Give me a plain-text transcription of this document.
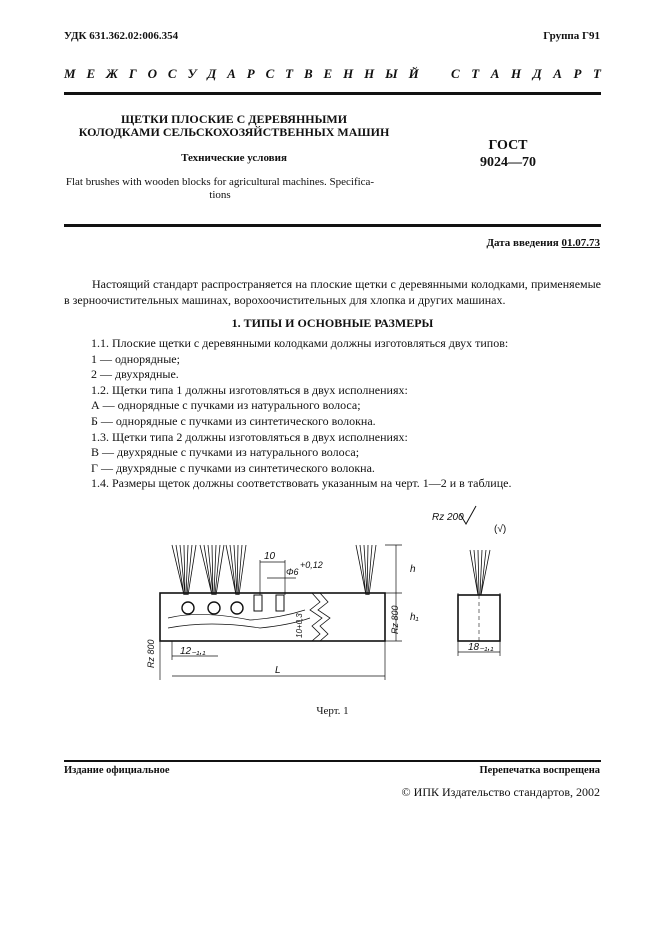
УДК 631.362.02:006.354	Группа Г91
М Е Ж Г О С У Д А Р С Т В Е Н Н Ы Й С Т А Н Д А Р Т
ЩЕТКИ ПЛОСКИЕ С ДЕРЕВЯННЫМИ
КОЛОДКАМИ СЕЛЬСКОХОЗЯЙСТВЕННЫХ МАШИН
Технические условия
Flat brushes with wooden blocks for agricultural machines. Specifica-
tions
ГОСТ
9024—70
Дата введения 01.07.73
Настоящий стандарт распространяется на плоские щетки с деревянными колодками, применяемые в зерноочистительных машинах, ворохоочистительных для хлопка и других машинах.
1. ТИПЫ И ОСНОВНЫЕ РАЗМЕРЫ
1.1. Плоские щетки с деревянными колодками должны изготовляться двух типов:
1 — однорядные;
2 — двухрядные.
1.2. Щетки типа 1 должны изготовляться в двух исполнениях:
А — однорядные с пучками из натурального волоса;
Б — однорядные с пучками из синтетического волокна.
1.3. Щетки типа 2 должны изготовляться в двух исполнениях:
В — двухрядные с пучками из натурального волоса;
Г — двухрядные с пучками из синтетического волокна.
1.4. Размеры щеток должны соответствовать указанным на черт. 1—2 и в таблице.
Rz 200
(√)
10
Φ6
+0,12	h
h₁
Rz 800
Rz 800
10+0,3
12₋₁,₁
L
18₋₁,₁
Черт. 1
Издание официальное	Перепечатка воспрещена
© ИПК Издательство стандартов, 2002
